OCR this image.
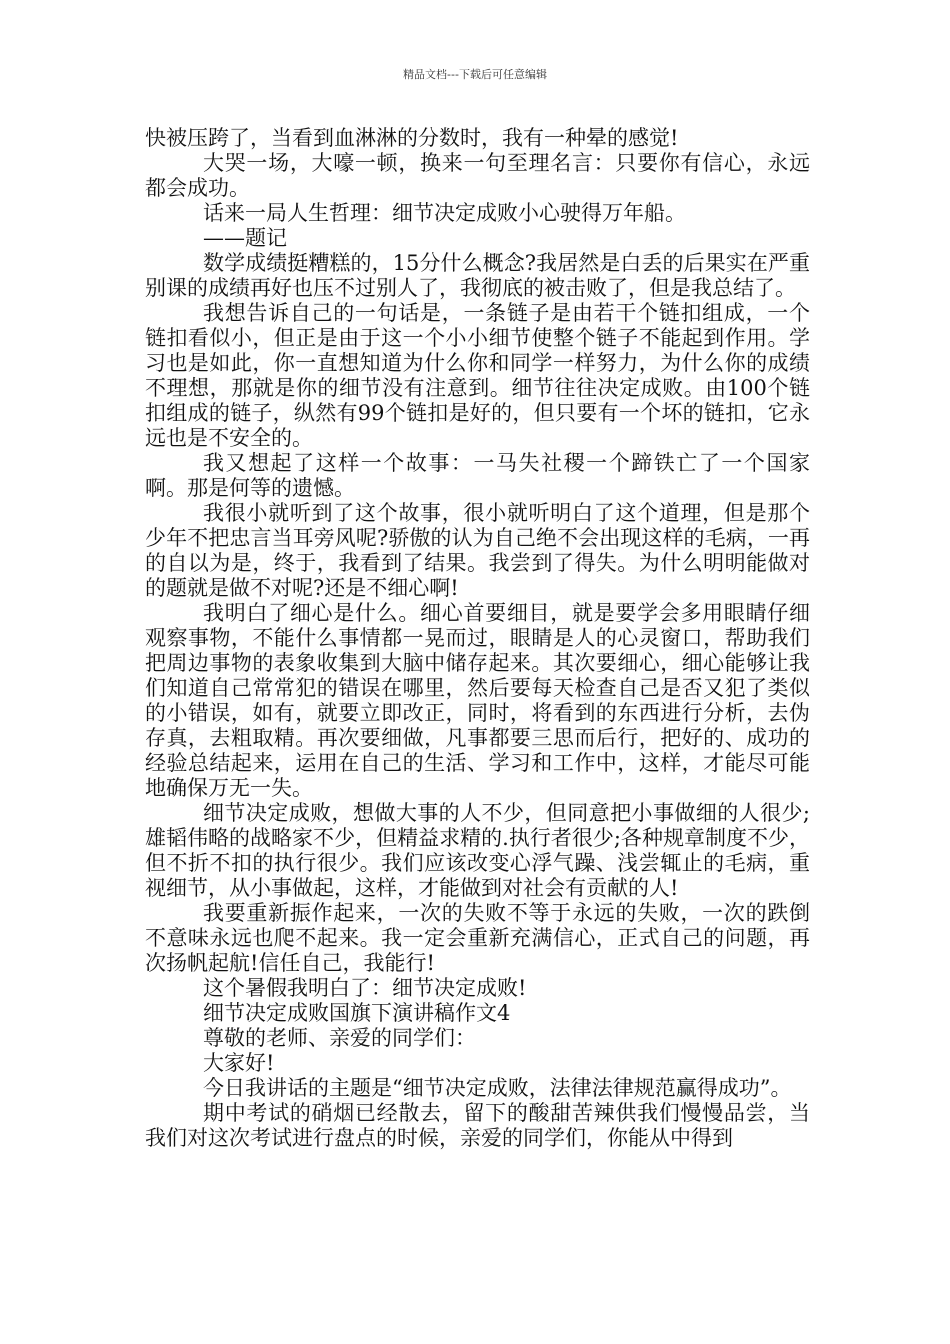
精品文档---下载后可任意编辑

快被压跨了，当看到血淋淋的分数时，我有一种晕的感觉!

大哭一场，大嚎一顿，换来一句至理名言：只要你有信心，永远都会成功。

话来一局人生哲理：细节决定成败小心驶得万年船。

——题记

数学成绩挺糟糕的，15分什么概念?我居然是白丢的后果实在严重别课的成绩再好也压不过别人了，我彻底的被击败了，但是我总结了。

我想告诉自己的一句话是，一条链子是由若干个链扣组成，一个链扣看似小，但正是由于这一个小小细节使整个链子不能起到作用。学习也是如此，你一直想知道为什么你和同学一样努力，为什么你的成绩不理想，那就是你的细节没有注意到。细节往往决定成败。由100个链扣组成的链子，纵然有99个链扣是好的，但只要有一个坏的链扣，它永远也是不安全的。

我又想起了这样一个故事：一马失社稷一个蹄铁亡了一个国家啊。那是何等的遗憾。

我很小就听到了这个故事，很小就听明白了这个道理，但是那个少年不把忠言当耳旁风呢?骄傲的认为自己绝不会出现这样的毛病，一再的自以为是，终于，我看到了结果。我尝到了得失。为什么明明能做对的题就是做不对呢?还是不细心啊!

我明白了细心是什么。细心首要细目，就是要学会多用眼睛仔细观察事物，不能什么事情都一晃而过，眼睛是人的心灵窗口，帮助我们把周边事物的表象收集到大脑中储存起来。其次要细心，细心能够让我们知道自己常常犯的错误在哪里，然后要每天检查自己是否又犯了类似的小错误，如有，就要立即改正，同时，将看到的东西进行分析，去伪存真，去粗取精。再次要细做，凡事都要三思而后行，把好的、成功的经验总结起来，运用在自己的生活、学习和工作中，这样，才能尽可能地确保万无一失。

细节决定成败，想做大事的人不少，但同意把小事做细的人很少;雄韬伟略的战略家不少，但精益求精的.执行者很少;各种规章制度不少，但不折不扣的执行很少。我们应该改变心浮气躁、浅尝辄止的毛病，重视细节，从小事做起，这样，才能做到对社会有贡献的人!

我要重新振作起来，一次的失败不等于永远的失败，一次的跌倒不意味永远也爬不起来。我一定会重新充满信心，正式自己的问题，再次扬帆起航!信任自己，我能行!

这个暑假我明白了：细节决定成败!

细节决定成败国旗下演讲稿作文4

尊敬的老师、亲爱的同学们：

大家好!

今日我讲话的主题是“细节决定成败，法律法律规范赢得成功”。

期中考试的硝烟已经散去，留下的酸甜苦辣供我们慢慢品尝，当我们对这次考试进行盘点的时候，亲爱的同学们，你能从中得到
